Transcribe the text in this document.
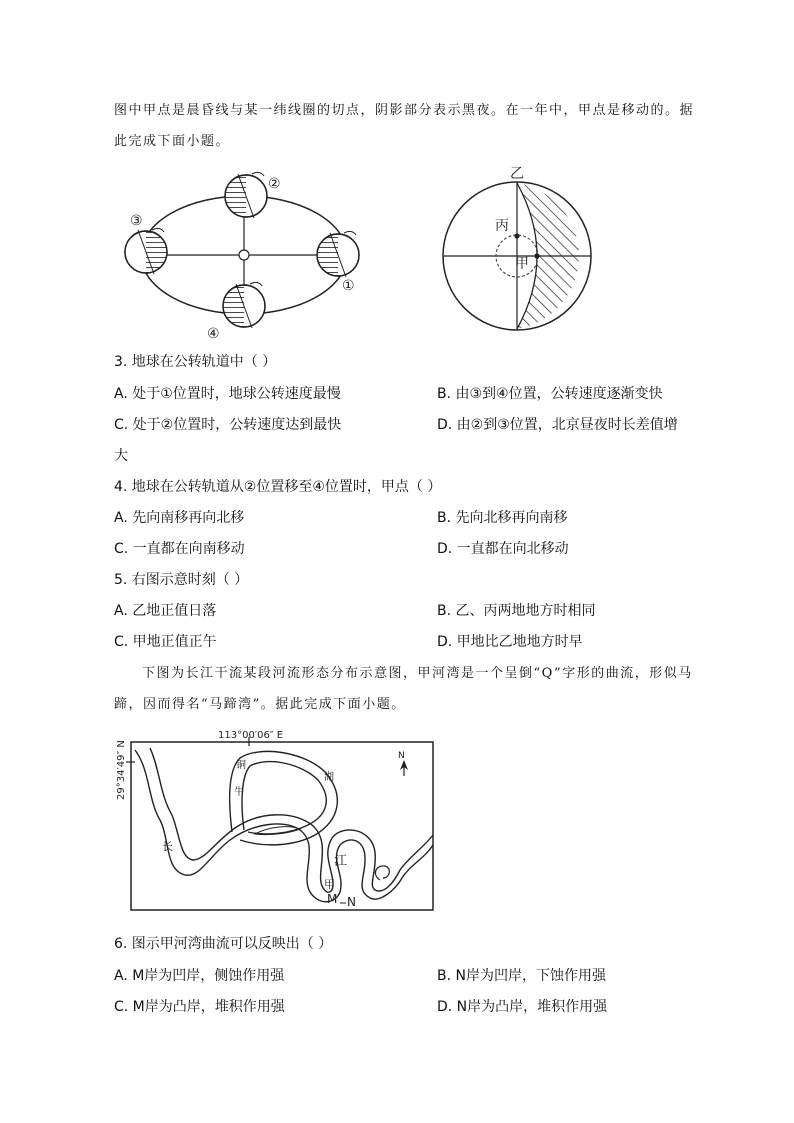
图中甲点是晨昏线与某一纬线圈的切点，阴影部分表示黑夜。在一年中，甲点是移动的。据
此完成下面小题。
②
③
①
④
乙
丙
甲
3. 地球在公转轨道中（ ）
A. 处于①位置时，地球公转速度最慢	B. 由③到④位置，公转速度逐渐变快
C. 处于②位置时，公转速度达到最快	D. 由②到③位置，北京昼夜时长差值增
大
4. 地球在公转轨道从②位置移至④位置时，甲点（ ）
A. 先向南移再向北移	B. 先向北移再向南移
C. 一直都在向南移动	D. 一直都在向北移动
5. 右图示意时刻（ ）
A. 乙地正值日落	B. 乙、丙两地地方时相同
C. 甲地正值正午	D. 甲地比乙地地方时早
下图为长江干流某段河流形态分布示意图，甲河湾是一个呈倒“Q”字形的曲流，形似马
蹄，因而得名“马蹄湾”。据此完成下面小题。
113°00′06″ E
29°34′49″ N	N
铜
牛
湖
长
江
甲
M N
6. 图示甲河湾曲流可以反映出（ ）
A. M岸为凹岸，侧蚀作用强	B. N岸为凹岸，下蚀作用强
C. M岸为凸岸，堆积作用强	D. N岸为凸岸，堆积作用强
